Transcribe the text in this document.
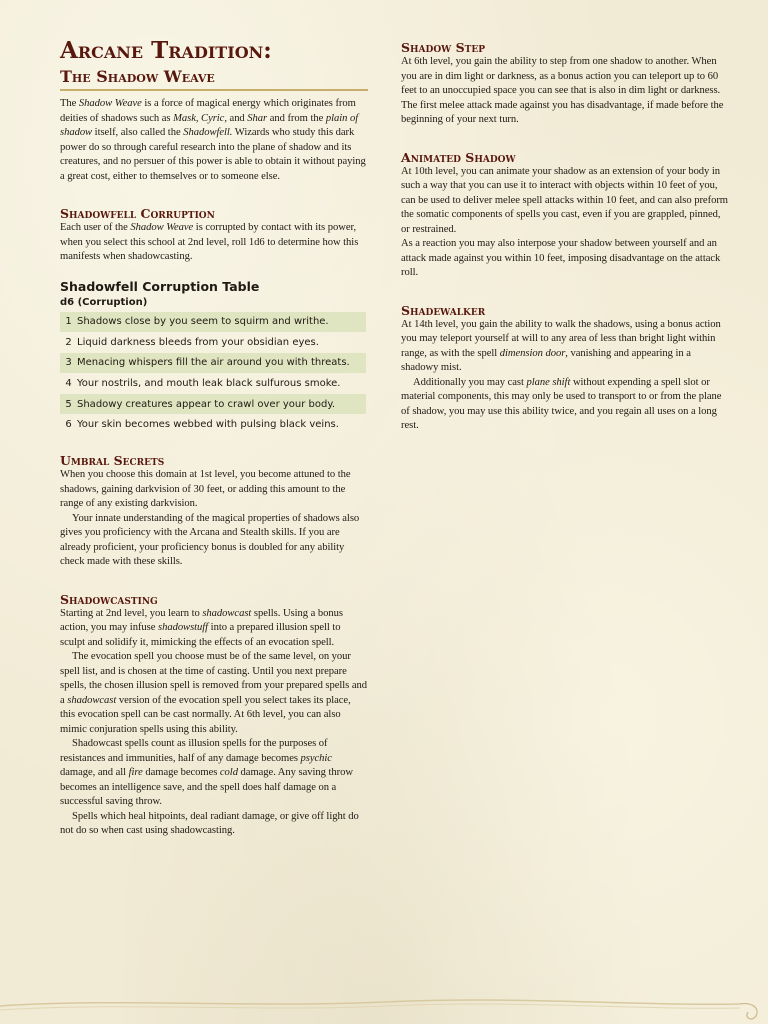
Arcane Tradition:
The Shadow Weave

The Shadow Weave is a force of magical energy which originates from deities of shadows such as Mask, Cyric, and Shar and from the plain of shadow itself, also called the Shadowfell. Wizards who study this dark power do so through careful research into the plane of shadow and its creatures, and no persuer of this power is able to obtain it without paying a great cost, either to themselves or to someone else.

Shadowfell Corruption

Each user of the Shadow Weave is corrupted by contact with its power, when you select this school at 2nd level, roll 1d6 to determine how this manifests when shadowcasting.

Shadowfell Corruption Table
d6 (Corruption)
1 Shadows close by you seem to squirm and writhe.
2 Liquid darkness bleeds from your obsidian eyes.
3 Menacing whispers fill the air around you with threats.
4 Your nostrils, and mouth leak black sulfurous smoke.
5 Shadowy creatures appear to crawl over your body.
6 Your skin becomes webbed with pulsing black veins.
Umbral Secrets

When you choose this domain at 1st level, you become attuned to the shadows, gaining darkvision of 30 feet, or adding this amount to the range of any existing darkvision.

Your innate understanding of the magical properties of shadows also gives you proficiency with the Arcana and Stealth skills. If you are already proficient, your proficiency bonus is doubled for any ability check made with these skills.

Shadowcasting

Starting at 2nd level, you learn to shadowcast spells. Using a bonus action, you may infuse shadowstuff into a prepared illusion spell to sculpt and solidify it, mimicking the effects of an evocation spell.

The evocation spell you choose must be of the same level, on your spell list, and is chosen at the time of casting. Until you next prepare spells, the chosen illusion spell is removed from your prepared spells and a shadowcast version of the evocation spell you select takes its place, this evocation spell can be cast normally. At 6th level, you can also mimic conjuration spells using this ability.

Shadowcast spells count as illusion spells for the purposes of resistances and immunities, half of any damage becomes psychic damage, and all fire damage becomes cold damage. Any saving throw becomes an intelligence save, and the spell does half damage on a successful saving throw.

Spells which heal hitpoints, deal radiant damage, or give off light do not do so when cast using shadowcasting.

Shadow Step

At 6th level, you gain the ability to step from one shadow to another. When you are in dim light or darkness, as a bonus action you can teleport up to 60 feet to an unoccupied space you can see that is also in dim light or darkness. The first melee attack made against you has disadvantage, if made before the beginning of your next turn.

Animated Shadow

At 10th level, you can animate your shadow as an extension of your body in such a way that you can use it to interact with objects within 10 feet of you, can be used to deliver melee spell attacks within 10 feet, and can also preform the somatic components of spells you cast, even if you are grappled, pinned, or restrained.

As a reaction you may also interpose your shadow between yourself and an attack made against you within 10 feet, imposing disadvantage on the attack roll.

Shadewalker

At 14th level, you gain the ability to walk the shadows, using a bonus action you may teleport yourself at will to any area of less than bright light within range, as with the spell dimension door, vanishing and appearing in a shadowy mist.

Additionally you may cast plane shift without expending a spell slot or material components, this may only be used to transport to or from the plane of shadow, you may use this ability twice, and you regain all uses on a long rest.
